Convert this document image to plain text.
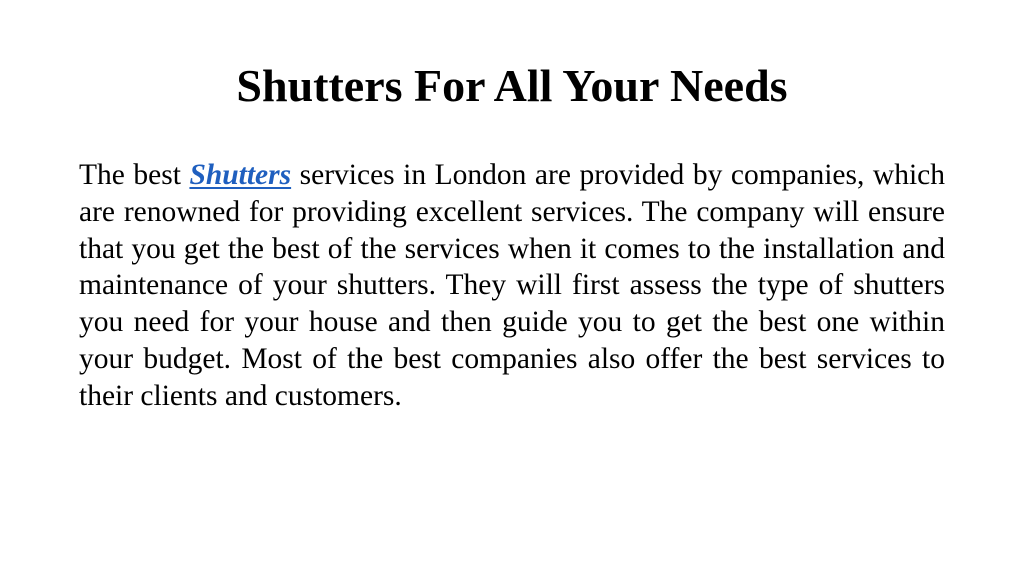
Shutters For All Your Needs

The best Shutters services in London are provided by companies, which are renowned for providing excellent services. The company will ensure that you get the best of the services when it comes to the installation and maintenance of your shutters. They will first assess the type of shutters you need for your house and then guide you to get the best one within your budget. Most of the best companies also offer the best services to their clients and customers.
